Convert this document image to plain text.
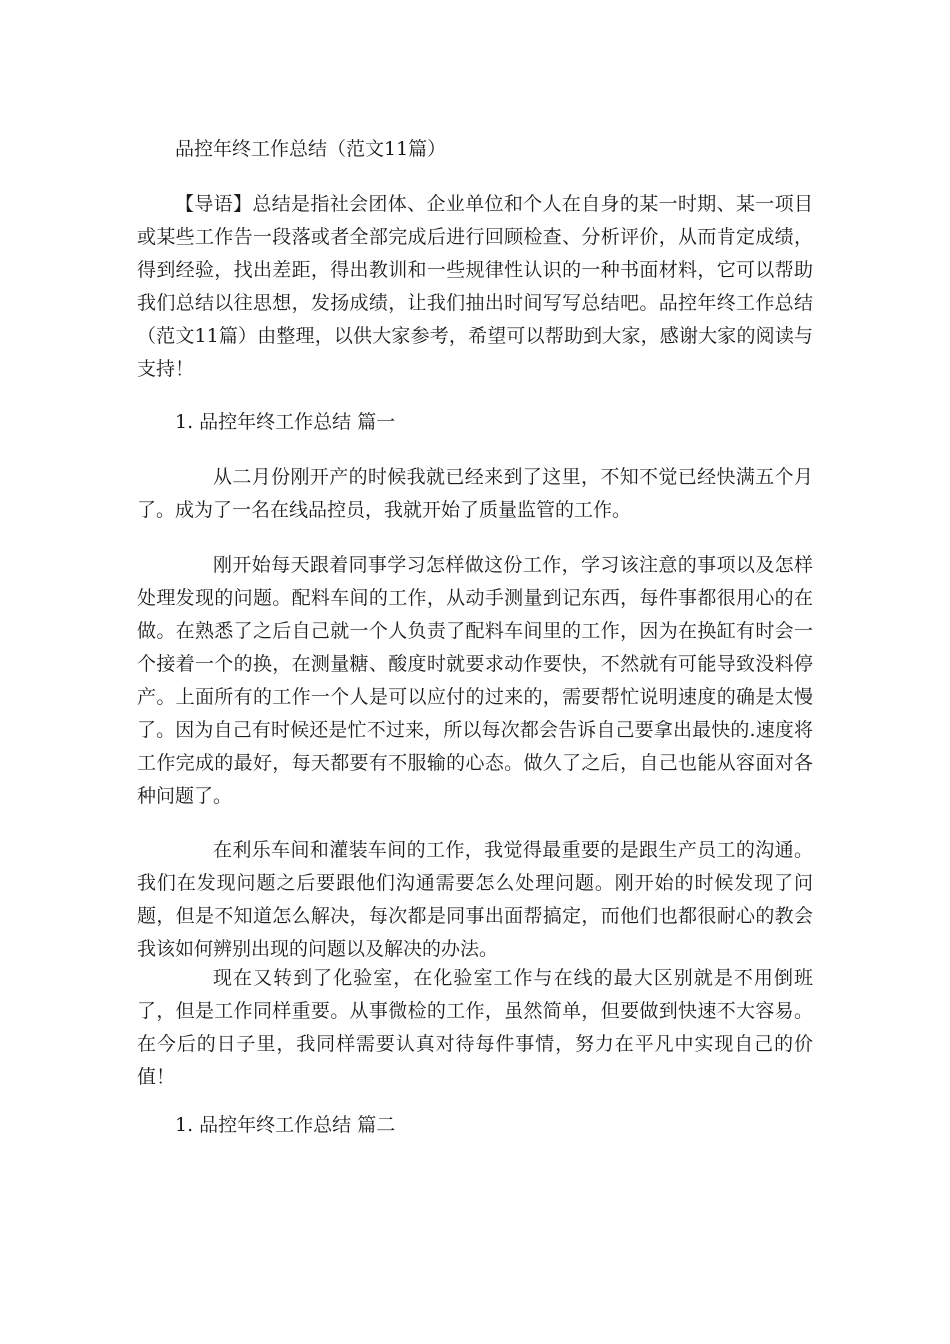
品控年终工作总结（范文11篇）

【导语】总结是指社会团体、企业单位和个人在自身的某一时期、某一项目或某些工作告一段落或者全部完成后进行回顾检查、分析评价，从而肯定成绩，得到经验，找出差距，得出教训和一些规律性认识的一种书面材料，它可以帮助我们总结以往思想，发扬成绩，让我们抽出时间写写总结吧。品控年终工作总结（范文11篇）由整理，以供大家参考，希望可以帮助到大家，感谢大家的阅读与支持！

1. 品控年终工作总结 篇一

从二月份刚开产的时候我就已经来到了这里，不知不觉已经快满五个月了。成为了一名在线品控员，我就开始了质量监管的工作。

刚开始每天跟着同事学习怎样做这份工作，学习该注意的事项以及怎样处理发现的问题。配料车间的工作，从动手测量到记东西，每件事都很用心的在做。在熟悉了之后自己就一个人负责了配料车间里的工作，因为在换缸有时会一个接着一个的换，在测量糖、酸度时就要求动作要快，不然就有可能导致没料停产。上面所有的工作一个人是可以应付的过来的，需要帮忙说明速度的确是太慢了。因为自己有时候还是忙不过来，所以每次都会告诉自己要拿出最快的.速度将工作完成的最好，每天都要有不服输的心态。做久了之后，自己也能从容面对各种问题了。

在利乐车间和灌装车间的工作，我觉得最重要的是跟生产员工的沟通。我们在发现问题之后要跟他们沟通需要怎么处理问题。刚开始的时候发现了问题，但是不知道怎么解决，每次都是同事出面帮搞定，而他们也都很耐心的教会我该如何辨别出现的问题以及解决的办法。

现在又转到了化验室，在化验室工作与在线的最大区别就是不用倒班了，但是工作同样重要。从事微检的工作，虽然简单，但要做到快速不大容易。在今后的日子里，我同样需要认真对待每件事情，努力在平凡中实现自己的价值！

1. 品控年终工作总结 篇二
